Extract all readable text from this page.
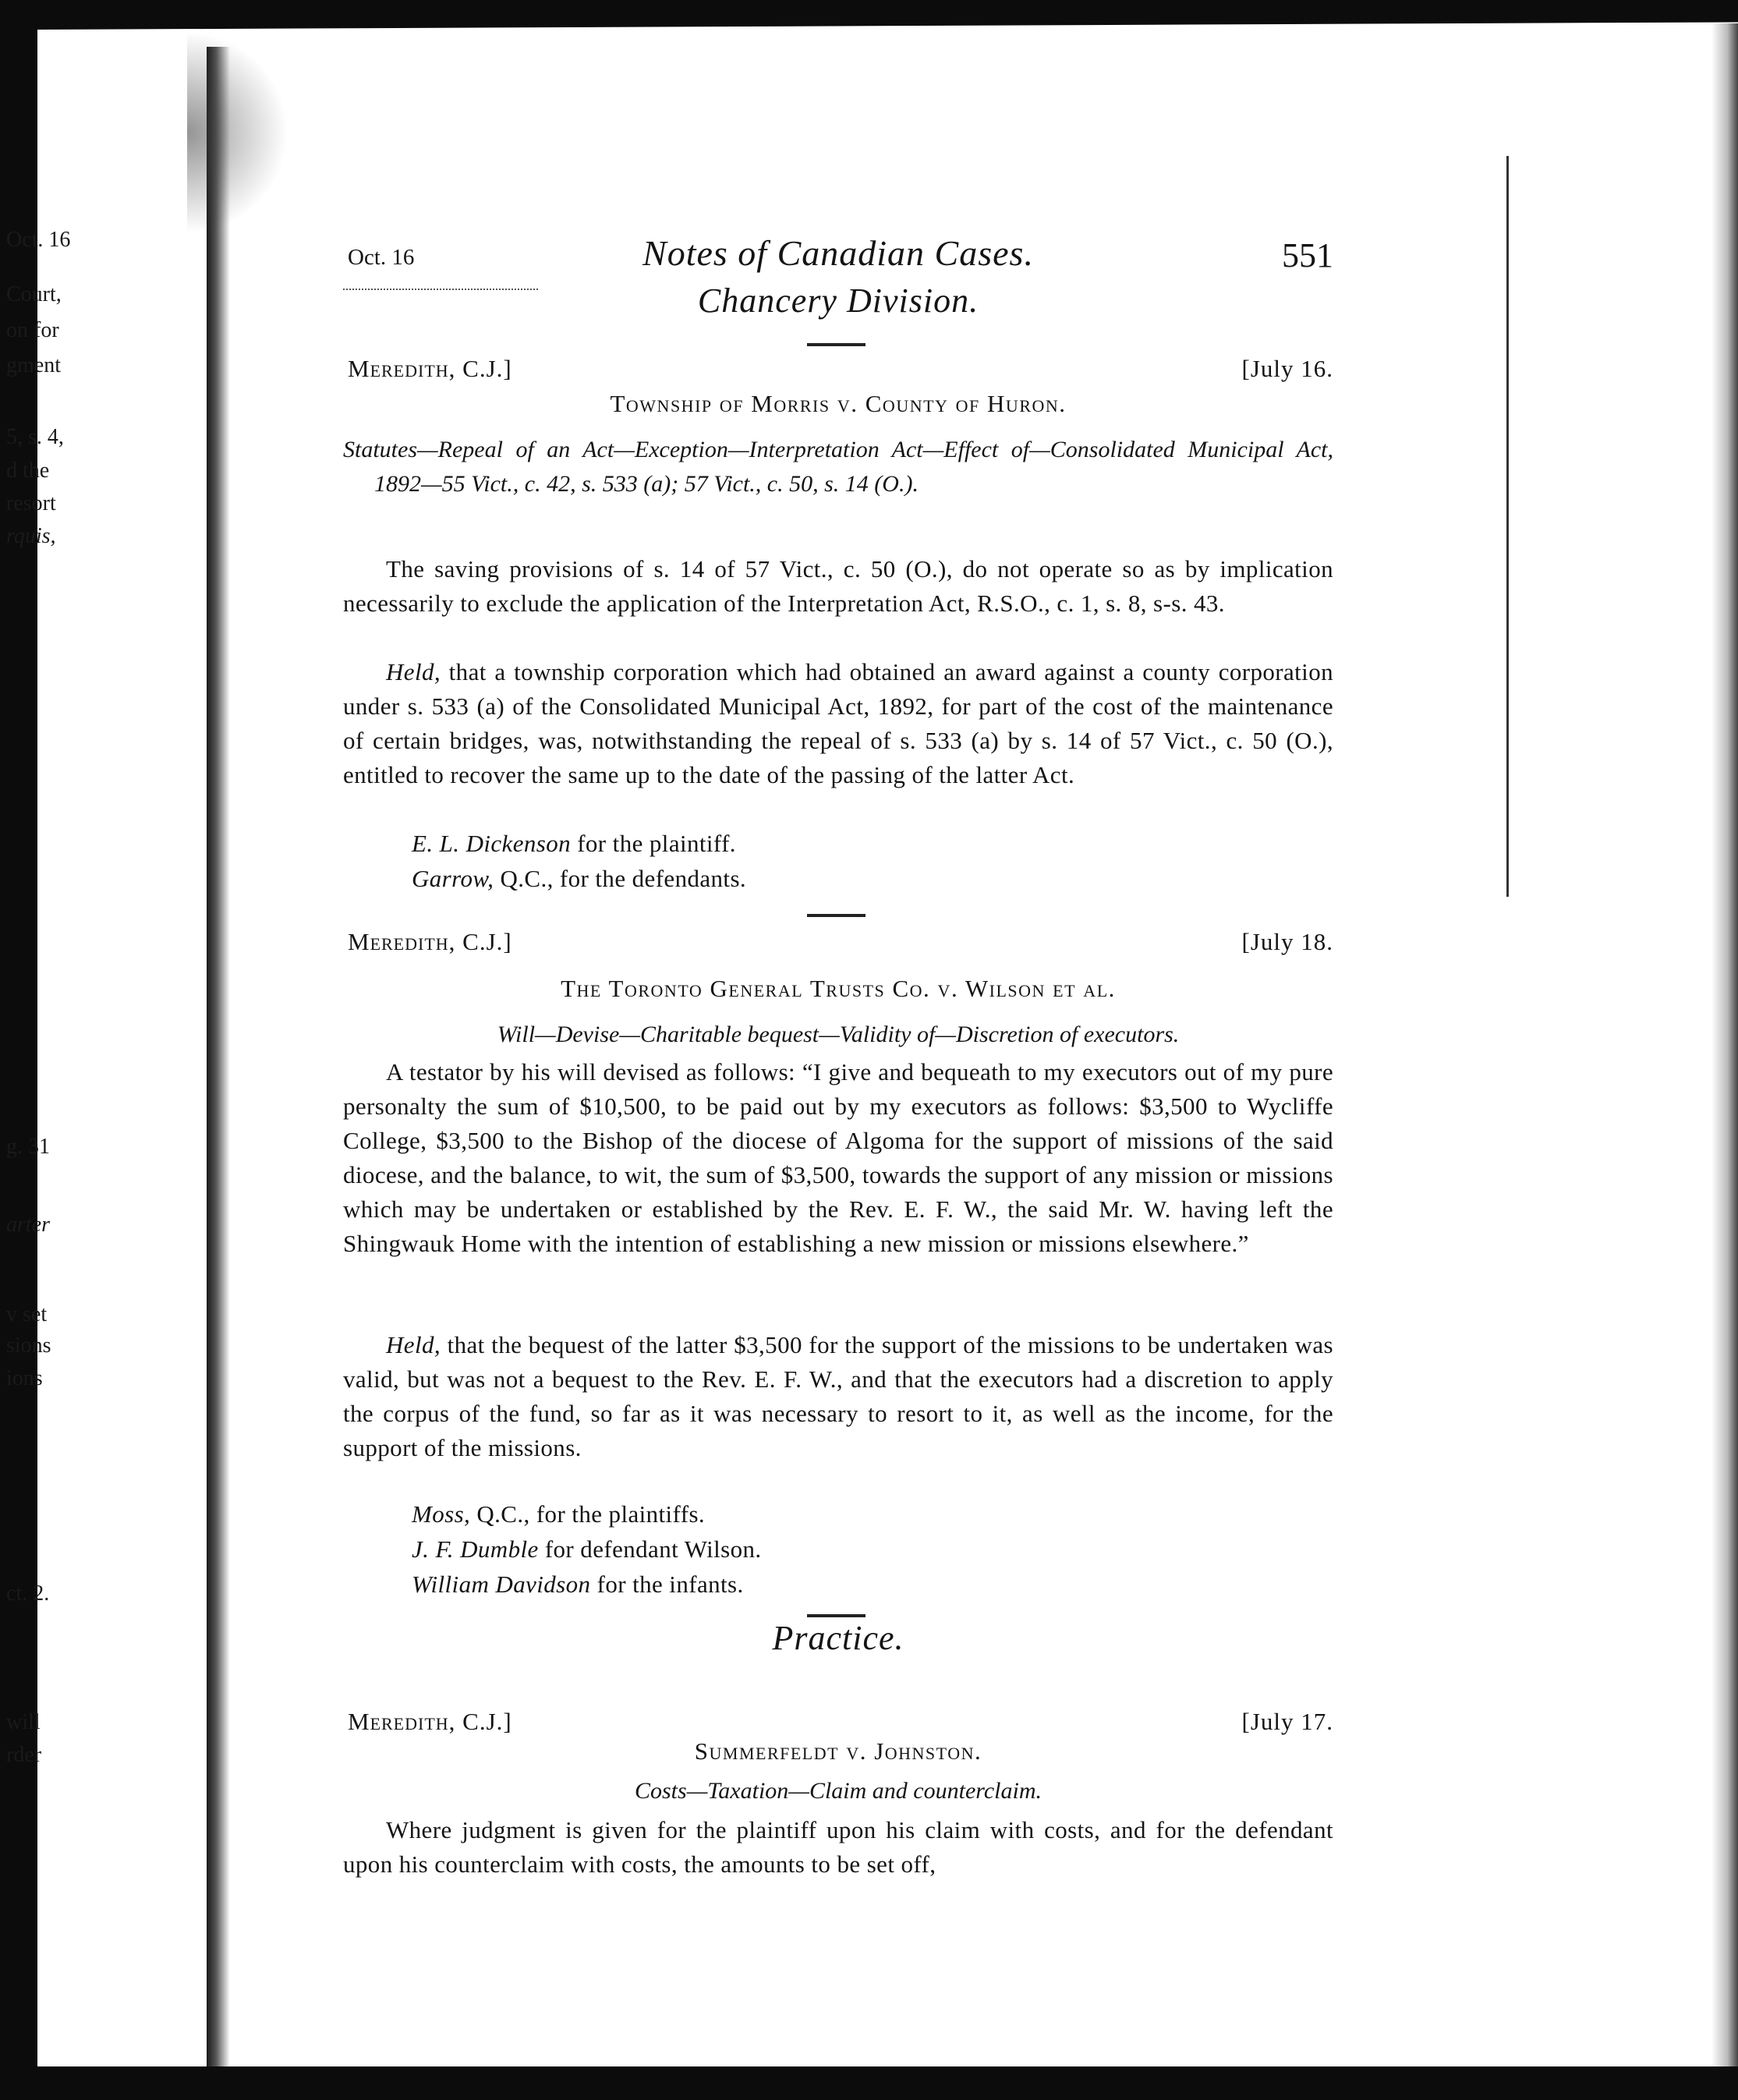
Oct. 16
Court,
on for
gment
5, s. 4,
d the
resort
rquis,
g. 31
arter
v set
sions
ions
ct. 2.
will
rder
Oct. 16	Notes of Canadian Cases.	551
Chancery Division.
Meredith, C.J.]	[July 16.
Township of Morris v. County of Huron.
Statutes—Repeal of an Act—Exception—Interpretation Act—Effect of—Consolidated Municipal Act, 1892—55 Vict., c. 42, s. 533 (a); 57 Vict., c. 50, s. 14 (O.).
The saving provisions of s. 14 of 57 Vict., c. 50 (O.), do not operate so as by implication necessarily to exclude the application of the Interpretation Act, R.S.O., c. 1, s. 8, s-s. 43.
Held, that a township corporation which had obtained an award against a county corporation under s. 533 (a) of the Consolidated Municipal Act, 1892, for part of the cost of the maintenance of certain bridges, was, notwithstanding the repeal of s. 533 (a) by s. 14 of 57 Vict., c. 50 (O.), entitled to recover the same up to the date of the passing of the latter Act.
E. L. Dickenson for the plaintiff.
Garrow, Q.C., for the defendants.
Meredith, C.J.]	[July 18.
The Toronto General Trusts Co. v. Wilson et al.
Will—Devise—Charitable bequest—Validity of—Discretion of executors.
A testator by his will devised as follows: “I give and bequeath to my executors out of my pure personalty the sum of $10,500, to be paid out by my executors as follows: $3,500 to Wycliffe College, $3,500 to the Bishop of the diocese of Algoma for the support of missions of the said diocese, and the balance, to wit, the sum of $3,500, towards the support of any mission or missions which may be undertaken or established by the Rev. E. F. W., the said Mr. W. having left the Shingwauk Home with the intention of establishing a new mission or missions elsewhere.”
Held, that the bequest of the latter $3,500 for the support of the missions to be undertaken was valid, but was not a bequest to the Rev. E. F. W., and that the executors had a discretion to apply the corpus of the fund, so far as it was necessary to resort to it, as well as the income, for the support of the missions.
Moss, Q.C., for the plaintiffs.
J. F. Dumble for defendant Wilson.
William Davidson for the infants.
Practice.
Meredith, C.J.]	[July 17.
Summerfeldt v. Johnston.
Costs—Taxation—Claim and counterclaim.
Where judgment is given for the plaintiff upon his claim with costs, and for the defendant upon his counterclaim with costs, the amounts to be set off,
